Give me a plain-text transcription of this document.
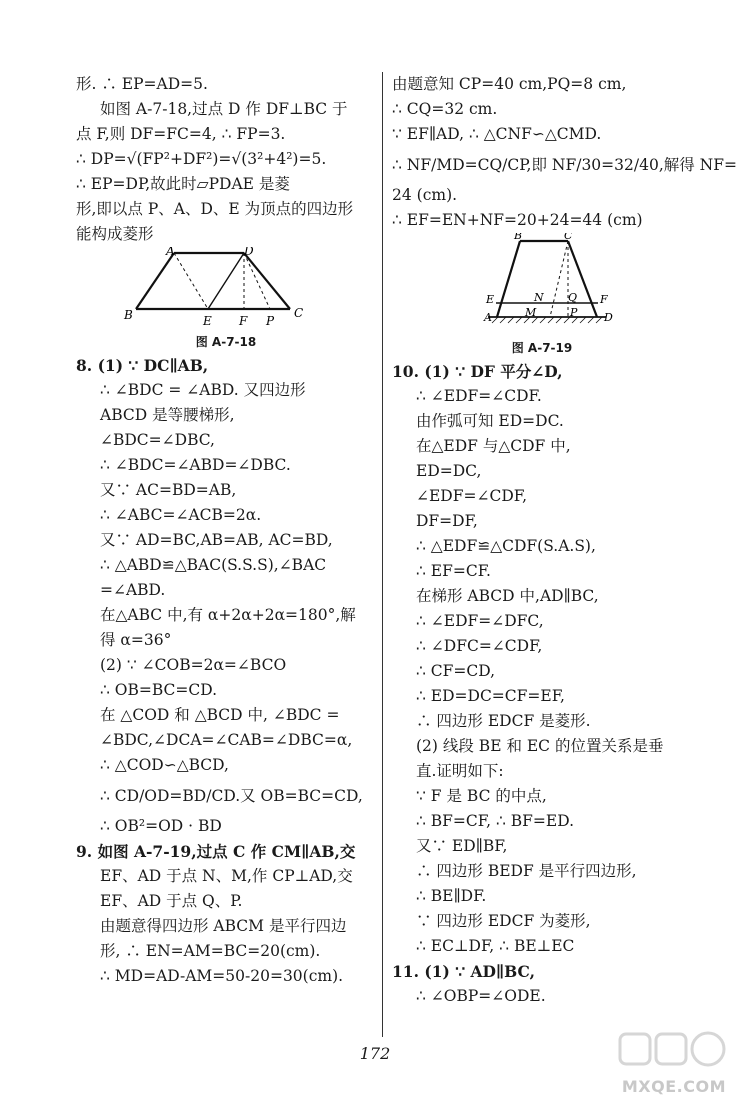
形. ∴ EP=AD=5.
如图 A-7-18,过点 D 作 DF⊥BC 于
点 F,则 DF=FC=4, ∴ FP=3.
∴ DP=√(FP²+DF²)=√(3²+4²)=5.
∴ EP=DP,故此时▱PDAE 是菱
形,即以点 P、A、D、E 为顶点的四边形
能构成菱形
A	D
B	E F P
C
图 A-7-18
8. (1) ∵ DC∥AB,
∴ ∠BDC = ∠ABD. 又四边形
ABCD 是等腰梯形,
∠BDC=∠DBC,
∴ ∠BDC=∠ABD=∠DBC.
又∵ AC=BD=AB,
∴ ∠ABC=∠ACB=2α.
又∵ AD=BC,AB=AB, AC=BD,
∴ △ABD≌△BAC(S.S.S),∠BAC
=∠ABD.
在△ABC 中,有 α+2α+2α=180°,解
得 α=36°
(2) ∵ ∠COB=2α=∠BCO
∴ OB=BC=CD.
在 △COD 和 △BCD 中, ∠BDC =
∠BDC,∠DCA=∠CAB=∠DBC=α,
∴ △COD∽△BCD,
∴ CD/OD=BD/CD.又 OB=BC=CD,
∴ OB²=OD · BD
9. 如图 A-7-19,过点 C 作 CM∥AB,交
EF、AD 于点 N、M,作 CP⊥AD,交
EF、AD 于点 Q、P.
由题意得四边形 ABCM 是平行四边
形, ∴ EN=AM=BC=20(cm).
∴ MD=AD-AM=50-20=30(cm).
由题意知 CP=40 cm,PQ=8 cm,
∴ CQ=32 cm.
∵ EF∥AD, ∴ △CNF∽△CMD.
∴ NF/MD=CQ/CP,即 NF/30=32/40,解得 NF=
24 (cm).
∴ EF=EN+NF=20+24=44 (cm)
B	C
E	N Q F
A	M	P D
图 A-7-19
10. (1) ∵ DF 平分∠D,
∴ ∠EDF=∠CDF.
由作弧可知 ED=DC.
在△EDF 与△CDF 中,
ED=DC,
∠EDF=∠CDF,
DF=DF,
∴ △EDF≌△CDF(S.A.S),
∴ EF=CF.
在梯形 ABCD 中,AD∥BC,
∴ ∠EDF=∠DFC,
∴ ∠DFC=∠CDF,
∴ CF=CD,
∴ ED=DC=CF=EF,
∴ 四边形 EDCF 是菱形.
(2) 线段 BE 和 EC 的位置关系是垂
直.证明如下:
∵ F 是 BC 的中点,
∴ BF=CF, ∴ BF=ED.
又∵ ED∥BF,
∴ 四边形 BEDF 是平行四边形,
∴ BE∥DF.
∵ 四边形 EDCF 为菱形,
∴ EC⊥DF, ∴ BE⊥EC
11. (1) ∵ AD∥BC,
∴ ∠OBP=∠ODE.
172
MXQE.COM
